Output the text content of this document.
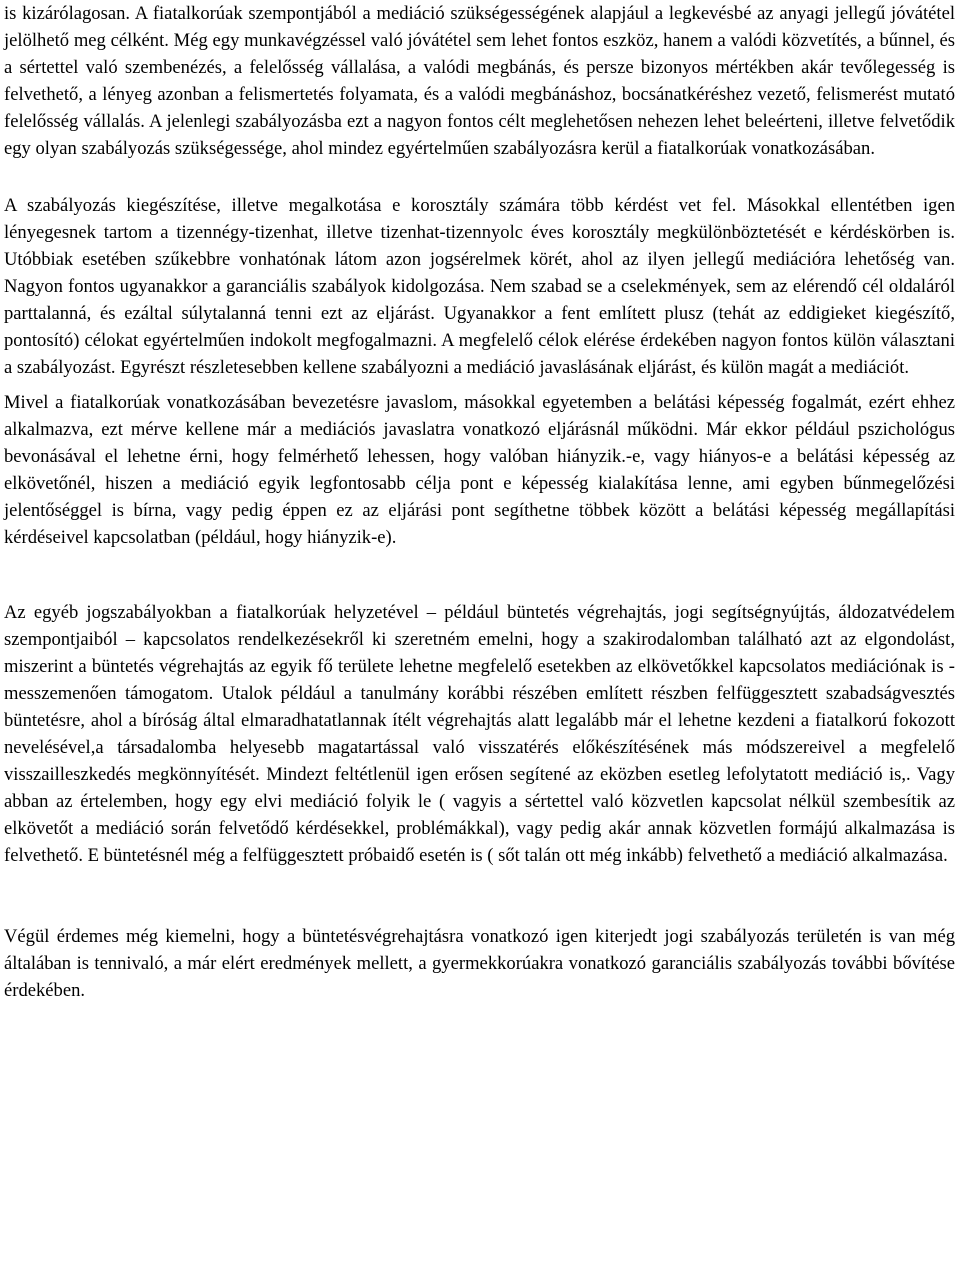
is kizárólagosan. A fiatalkorúak szempontjából a mediáció szükségességének alapjául a legkevésbé az anyagi jellegű jóvátétel jelölhető meg célként. Még egy munkavégzéssel való jóvátétel sem lehet fontos eszköz, hanem a valódi közvetítés, a bűnnel, és a sértettel való szembenézés, a felelősség vállalása, a valódi megbánás, és persze bizonyos mértékben akár tevőlegesség is felvethető, a lényeg azonban a felismertetés folyamata, és a valódi megbánáshoz, bocsánatkéréshez vezető, felismerést mutató felelősség vállalás. A jelenlegi szabályozásba ezt a nagyon fontos célt meglehetősen nehezen lehet beleérteni, illetve felvetődik egy olyan szabályozás szükségessége, ahol mindez egyértelműen szabályozásra kerül a fiatalkorúak vonatkozásában.

A szabályozás kiegészítése, illetve megalkotása e korosztály számára több kérdést vet fel. Másokkal ellentétben igen lényegesnek tartom a tizennégy-tizenhat, illetve tizenhat-tizennyolc éves korosztály megkülönböztetését e kérdéskörben is. Utóbbiak esetében szűkebbre vonhatónak látom azon jogsérelmek körét, ahol az ilyen jellegű mediációra lehetőség van. Nagyon fontos ugyanakkor a garanciális szabályok kidolgozása. Nem szabad se a cselekmények, sem az elérendő cél oldaláról parttalanná, és ezáltal súlytalanná tenni ezt az eljárást. Ugyanakkor a fent említett plusz (tehát az eddigieket kiegészítő, pontosító) célokat egyértelműen indokolt megfogalmazni. A megfelelő célok elérése érdekében nagyon fontos külön választani a szabályozást. Egyrészt részletesebben kellene szabályozni a mediáció javaslásának eljárást, és külön magát a mediációt.

Mivel a fiatalkorúak vonatkozásában bevezetésre javaslom, másokkal egyetemben a belátási képesség fogalmát, ezért ehhez alkalmazva, ezt mérve kellene már a mediációs javaslatra vonatkozó eljárásnál működni. Már ekkor például pszichológus bevonásával el lehetne érni, hogy felmérhető lehessen, hogy valóban hiányzik.-e, vagy hiányos-e a belátási képesség az elkövetőnél, hiszen a mediáció egyik legfontosabb célja pont e képesség kialakítása lenne, ami egyben bűnmegelőzési jelentőséggel is bírna, vagy pedig éppen ez az eljárási pont segíthetne többek között a belátási képesség megállapítási kérdéseivel kapcsolatban (például, hogy hiányzik-e).

Az egyéb jogszabályokban a fiatalkorúak helyzetével – például büntetés végrehajtás, jogi segítségnyújtás, áldozatvédelem szempontjaiból – kapcsolatos rendelkezésekről ki szeretném emelni, hogy a szakirodalomban található azt az elgondolást, miszerint a büntetés végrehajtás az egyik fő területe lehetne megfelelő esetekben az elkövetőkkel kapcsolatos mediációnak is - messzemenően támogatom. Utalok például a tanulmány korábbi részében említett részben felfüggesztett szabadságvesztés büntetésre, ahol a bíróság által elmaradhatatlannak ítélt végrehajtás alatt legalább már el lehetne kezdeni a fiatalkorú fokozott nevelésével,a társadalomba helyesebb magatartással való visszatérés előkészítésének más módszereivel a megfelelő visszailleszkedés megkönnyítését. Mindezt feltétlenül igen erősen segítené az eközben esetleg lefolytatott mediáció is,. Vagy abban az értelemben, hogy egy elvi mediáció folyik le ( vagyis a sértettel való közvetlen kapcsolat nélkül szembesítik az elkövetőt a mediáció során felvetődő kérdésekkel, problémákkal), vagy pedig akár annak közvetlen formájú alkalmazása is felvethető. E büntetésnél még a felfüggesztett próbaidő esetén is ( sőt talán ott még inkább) felvethető a mediáció alkalmazása.

Végül érdemes még kiemelni, hogy a büntetésvégrehajtásra vonatkozó igen kiterjedt jogi szabályozás területén is van még általában is tennivaló, a már elért eredmények mellett, a gyermekkorúakra vonatkozó garanciális szabályozás további bővítése érdekében.
